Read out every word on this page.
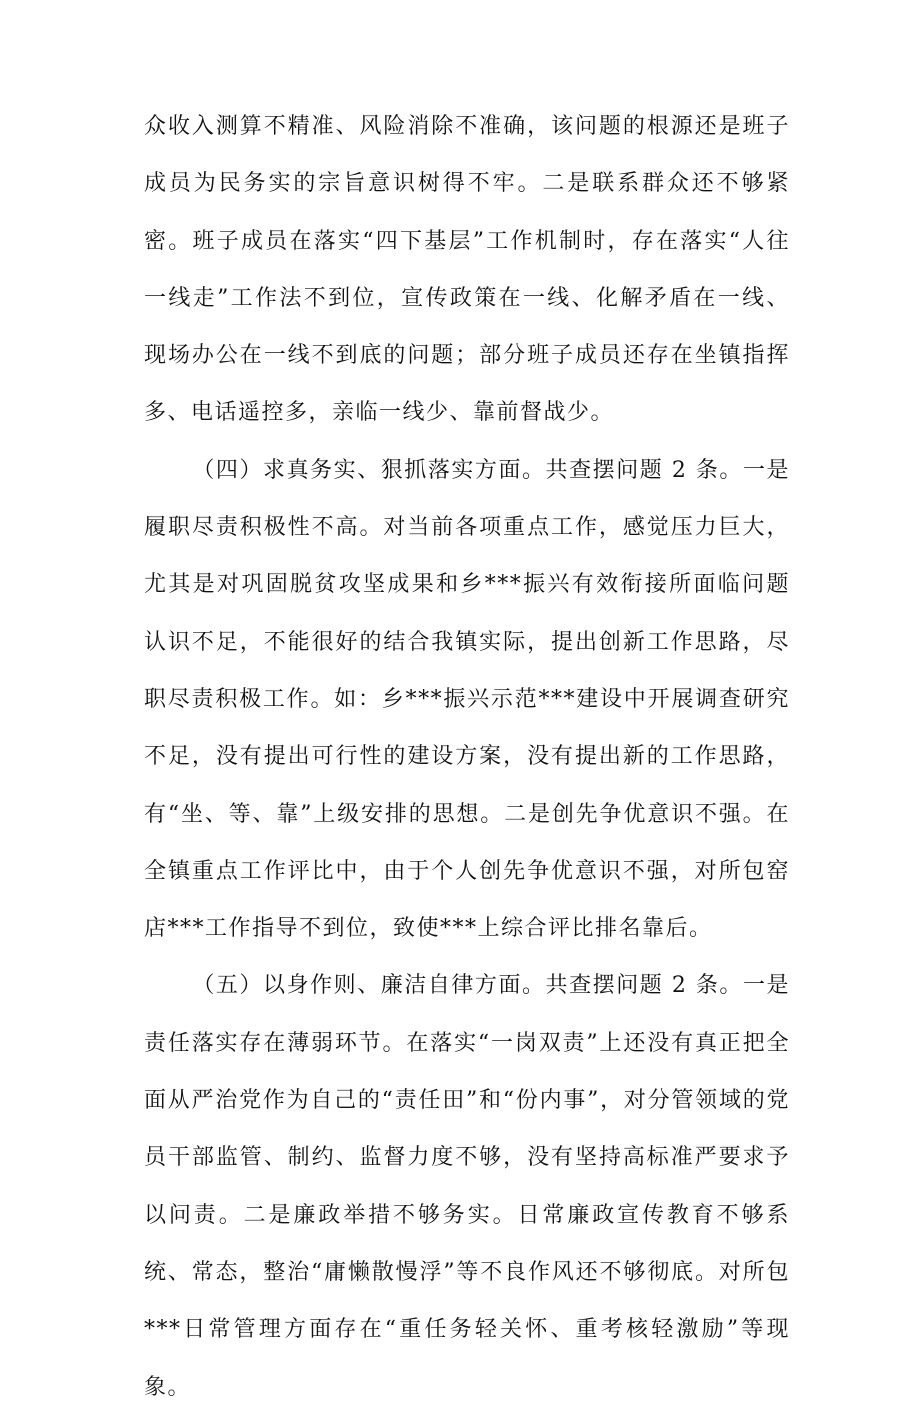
众收入测算不精准、风险消除不准确，该问题的根源还是班子成员为民务实的宗旨意识树得不牢。二是联系群众还不够紧密。班子成员在落实“四下基层”工作机制时，存在落实“人往一线走”工作法不到位，宣传政策在一线、化解矛盾在一线、现场办公在一线不到底的问题；部分班子成员还存在坐镇指挥多、电话遥控多，亲临一线少、靠前督战少。

（四）求真务实、狠抓落实方面。共查摆问题 2 条。一是履职尽责积极性不高。对当前各项重点工作，感觉压力巨大，尤其是对巩固脱贫攻坚成果和乡***振兴有效衔接所面临问题认识不足，不能很好的结合我镇实际，提出创新工作思路，尽职尽责积极工作。如：乡***振兴示范***建设中开展调查研究不足，没有提出可行性的建设方案，没有提出新的工作思路，有“坐、等、靠”上级安排的思想。二是创先争优意识不强。在全镇重点工作评比中，由于个人创先争优意识不强，对所包窑店***工作指导不到位，致使***上综合评比排名靠后。

（五）以身作则、廉洁自律方面。共查摆问题 2 条。一是责任落实存在薄弱环节。在落实“一岗双责”上还没有真正把全面从严治党作为自己的“责任田”和“份内事”，对分管领域的党员干部监管、制约、监督力度不够，没有坚持高标准严要求予以问责。二是廉政举措不够务实。日常廉政宣传教育不够系统、常态，整治“庸懒散慢浮”等不良作风还不够彻底。对所包***日常管理方面存在“重任务轻关怀、重考核轻激励”等现象。
